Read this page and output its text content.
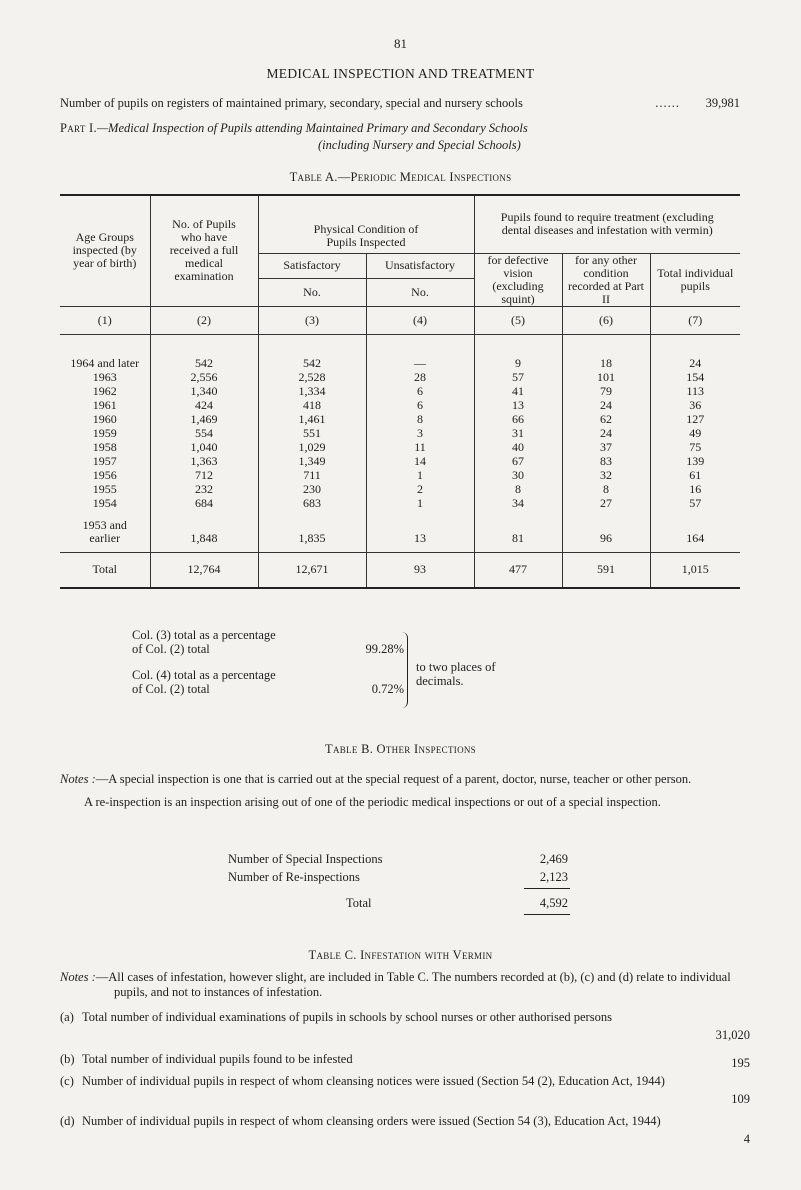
81
MEDICAL INSPECTION AND TREATMENT
Number of pupils on registers of maintained primary, secondary, special and nursery schools	...... 39,981
Part I.—Medical Inspection of Pupils attending Maintained Primary and Secondary Schools
(including Nursery and Special Schools)
Table A.—Periodic Medical Inspections
Age Groups inspected (by year of birth)	No. of Pupils who have received a full medical examination	Physical Condition of Pupils Inspected		Pupils found to require treatment (excluding dental diseases and infestation with vermin)		
		Satisfactory	Unsatisfactory	for defective vision (excluding squint)	for any other condition recorded at Part II	Total individual pupils
		No.	No.			
(1)	(2)	(3)	(4)	(5)	(6)	(7)
1964 and later	542	542	—	9	18	24
1963	2,556	2,528	28	57	101	154
1962	1,340	1,334	6	41	79	113
1961	424	418	6	13	24	36
1960	1,469	1,461	8	66	62	127
1959	554	551	3	31	24	49
1958	1,040	1,029	11	40	37	75
1957	1,363	1,349	14	67	83	139
1956	712	711	1	30	32	61
1955	232	230	2	8	8	16
1954	684	683	1	34	27	57
1953 and earlier	1,848	1,835	13	81	96	164
Total	12,764	12,671	93	477	591	1,015
Col. (3) total as a percentage
of Col. (2) total	99.28%
Col. (4) total as a percentage
of Col. (2) total	0.72%
to two places of decimals.
Table B. Other Inspections
Notes :—A special inspection is one that is carried out at the special request of a parent, doctor, nurse, teacher or other person.
A re-inspection is an inspection arising out of one of the periodic medical inspections or out of a special inspection.
Number of Special Inspections	2,469
Number of Re-inspections	2,123
Total	4,592
Table C. Infestation with Vermin
Notes :—All cases of infestation, however slight, are included in Table C. The numbers recorded at (b), (c) and (d) relate to individual pupils, and not to instances of infestation.
(a) Total number of individual examinations of pupils in schools by school nurses or other authorised persons
31,020
(b) Total number of individual pupils found to be infested	195
(c) Number of individual pupils in respect of whom cleansing notices were issued (Section 54 (2), Education Act, 1944)
109
(d) Number of individual pupils in respect of whom cleansing orders were issued (Section 54 (3), Education Act, 1944)
4
